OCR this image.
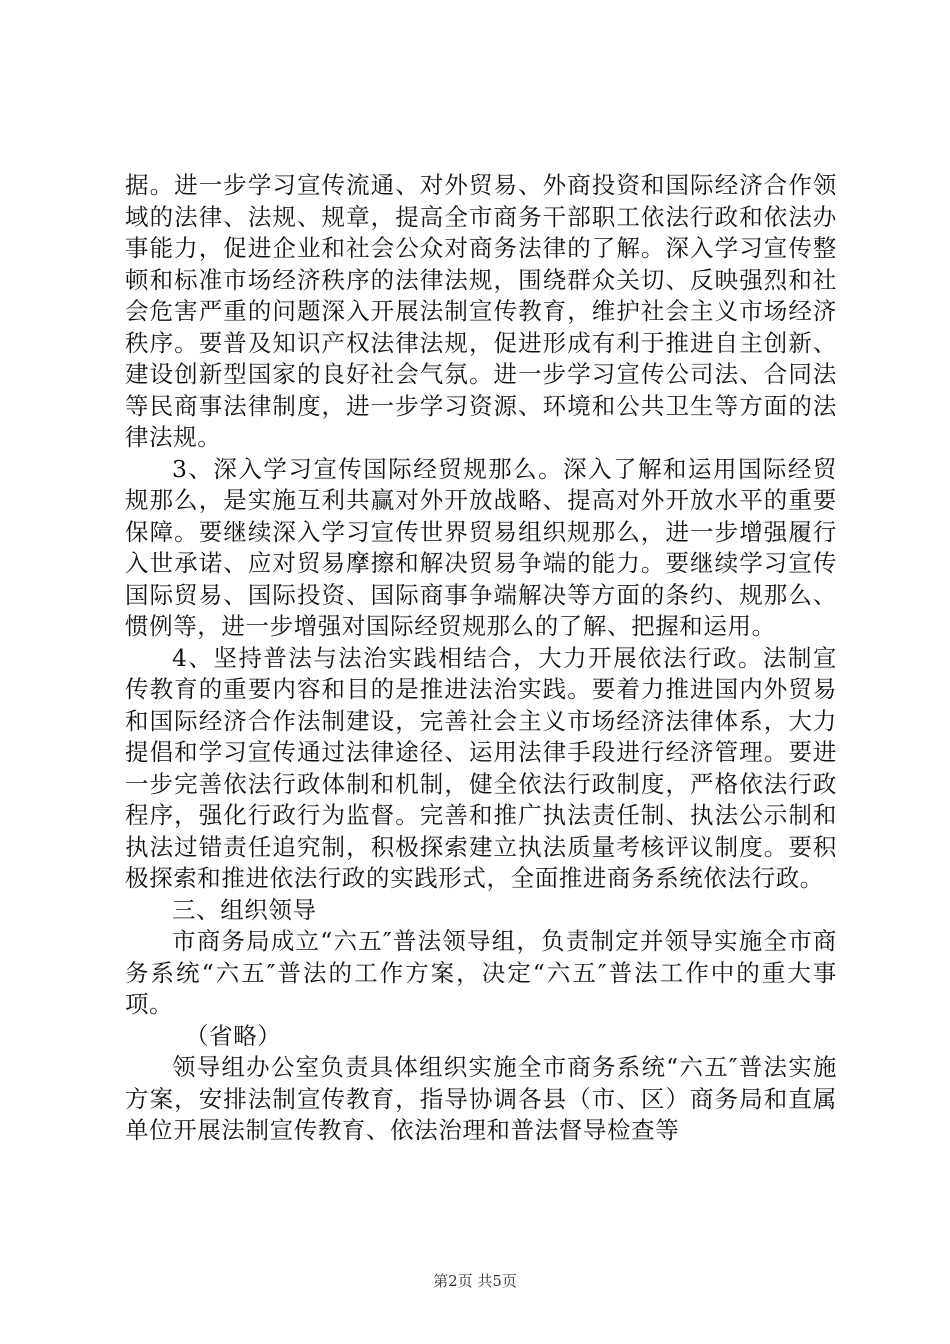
据。进一步学习宣传流通、对外贸易、外商投资和国际经济合作领域的法律、法规、规章，提高全市商务干部职工依法行政和依法办事能力，促进企业和社会公众对商务法律的了解。深入学习宣传整顿和标准市场经济秩序的法律法规，围绕群众关切、反映强烈和社会危害严重的问题深入开展法制宣传教育，维护社会主义市场经济秩序。要普及知识产权法律法规，促进形成有利于推进自主创新、建设创新型国家的良好社会气氛。进一步学习宣传公司法、合同法等民商事法律制度，进一步学习资源、环境和公共卫生等方面的法律法规。

3、深入学习宣传国际经贸规那么。深入了解和运用国际经贸规那么，是实施互利共赢对外开放战略、提高对外开放水平的重要保障。要继续深入学习宣传世界贸易组织规那么，进一步增强履行入世承诺、应对贸易摩擦和解决贸易争端的能力。要继续学习宣传国际贸易、国际投资、国际商事争端解决等方面的条约、规那么、惯例等，进一步增强对国际经贸规那么的了解、把握和运用。

4、坚持普法与法治实践相结合，大力开展依法行政。法制宣传教育的重要内容和目的是推进法治实践。要着力推进国内外贸易和国际经济合作法制建设，完善社会主义市场经济法律体系，大力提倡和学习宣传通过法律途径、运用法律手段进行经济管理。要进一步完善依法行政体制和机制，健全依法行政制度，严格依法行政程序，强化行政行为监督。完善和推广执法责任制、执法公示制和执法过错责任追究制，积极探索建立执法质量考核评议制度。要积极探索和推进依法行政的实践形式，全面推进商务系统依法行政。

三、组织领导

市商务局成立“六五″普法领导组，负责制定并领导实施全市商务系统“六五″普法的工作方案，决定“六五″普法工作中的重大事项。

（省略）

领导组办公室负责具体组织实施全市商务系统“六五″普法实施方案，安排法制宣传教育，指导协调各县（市、区）商务局和直属单位开展法制宣传教育、依法治理和普法督导检查等

第2页 共5页
